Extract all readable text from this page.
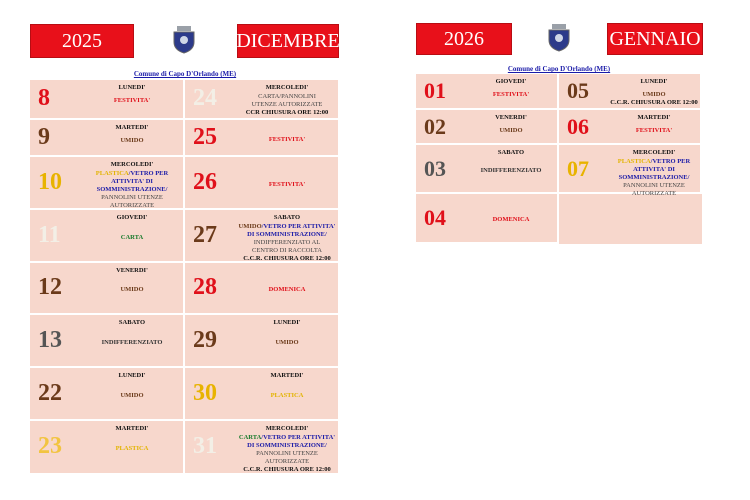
2025	DICEMBRE
Comune di Capo D'Orlando (ME)
8	LUNEDI'
FESTIVITA'
9	MARTEDI'
UMIDO
10
MERCOLEDI'
PLASTICA/VETRO PER
ATTIVITA' DI
SOMMINISTRAZIONE/
PANNOLINI UTENZE
AUTORIZZATE
11
GIOVEDI'
CARTA
12
VENERDI'
UMIDO
13
SABATO
INDIFFERENZIATO
22
LUNEDI'
UMIDO
23
MARTEDI'
PLASTICA
24	MERCOLEDI'
CARTA/PANNOLINI
UTENZE AUTORIZZATE
CCR CHIUSURA ORE 12:00
25	FESTIVITA'
26	FESTIVITA'
27
SABATO
UMIDO/VETRO PER ATTIVITA'
DI SOMMINISTRAZIONE/
INDIFFERENZIATO AL
CENTRO DI RACCOLTA
C.C.R. CHIUSURA ORE 12:00
28	DOMENICA
29
LUNEDI'
UMIDO
30
MARTEDI'
PLASTICA
31
MERCOLEDI'
CARTA/VETRO PER ATTIVITA'
DI SOMMINISTRAZIONE/
PANNOLINI UTENZE
AUTORIZZATE
C.C.R. CHIUSURA ORE 12:00
2026	GENNAIO
Comune di Capo D'Orlando (ME)
01	GIOVEDI'
FESTIVITA'
02	VENERDI'
UMIDO
03
SABATO
INDIFFERENZIATO
04	DOMENICA
05	LUNEDI'
UMIDO
C.C.R. CHIUSURA ORE 12:00
06	MARTEDI'
FESTIVITA'
07
MERCOLEDI'
PLASTICA/VETRO PER
ATTIVITA' DI
SOMMINISTRAZIONE/
PANNOLINI UTENZE
AUTORIZZATE
